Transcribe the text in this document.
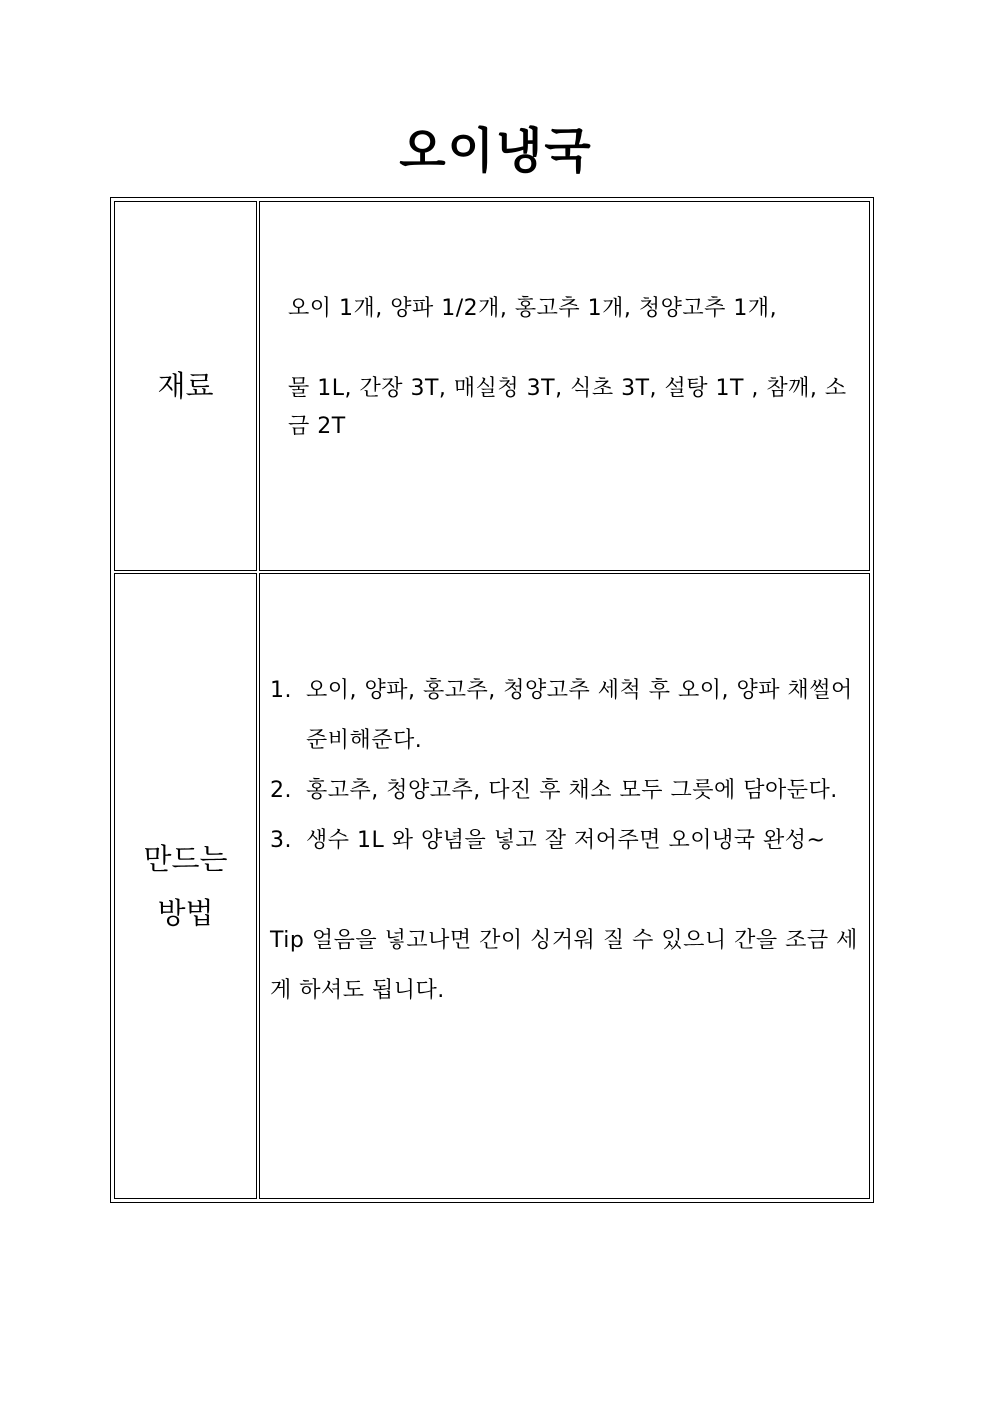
오이냉국
재료
오이 1개, 양파 1/2개, 홍고추 1개, 청양고추 1개,
물 1L, 간장 3T, 매실청 3T, 식초 3T, 설탕 1T , 참깨, 소금 2T
만드는
방법
1. 오이, 양파, 홍고추, 청양고추 세척 후 오이, 양파 채썰어 준비해준다.
2. 홍고추, 청양고추, 다진 후 채소 모두 그릇에 담아둔다.
3. 생수 1L 와 양념을 넣고 잘 저어주면 오이냉국 완성~
Tip 얼음을 넣고나면 간이 싱거워 질 수 있으니 간을 조금 세게 하셔도 됩니다.
